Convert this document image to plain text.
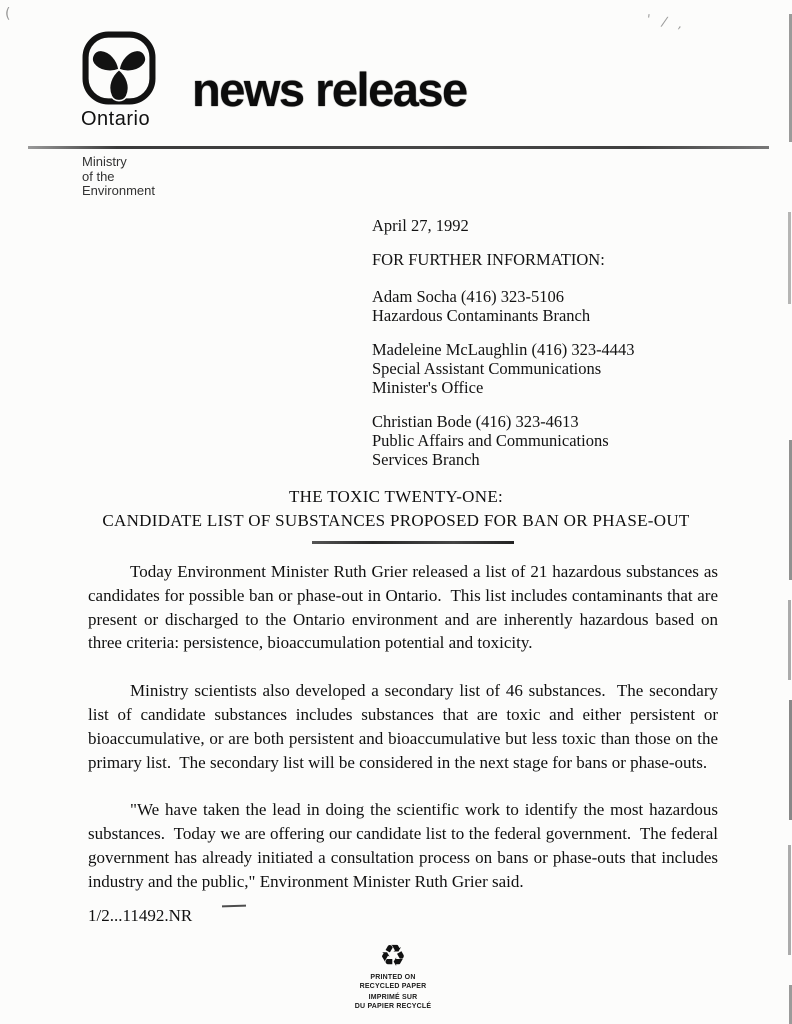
(	' / ,
Ontario
news release
Ministry
of the
Environment
April 27, 1992
FOR FURTHER INFORMATION:
Adam Socha (416) 323-5106
Hazardous Contaminants Branch
Madeleine McLaughlin (416) 323-4443
Special Assistant Communications
Minister's Office
Christian Bode (416) 323-4613
Public Affairs and Communications
Services Branch
THE TOXIC TWENTY-ONE:
CANDIDATE LIST OF SUBSTANCES PROPOSED FOR BAN OR PHASE-OUT

Today Environment Minister Ruth Grier released a list of 21 hazardous substances as candidates for possible ban or phase-out in Ontario.  This list includes contaminants that are present or discharged to the Ontario environment and are inherently hazardous based on three criteria: persistence, bioaccumulation potential and toxicity.

Ministry scientists also developed a secondary list of 46 substances.  The secondary list of candidate substances includes substances that are toxic and either persistent or bioaccumulative, or are both persistent and bioaccumulative but less toxic than those on the primary list.  The secondary list will be considered in the next stage for bans or phase-outs.

"We have taken the lead in doing the scientific work to identify the most hazardous substances.  Today we are offering our candidate list to the federal government.  The federal government has already initiated a consultation process on bans or phase-outs that includes industry and the public," Environment Minister Ruth Grier said.

1/2...11492.NR
♻
PRINTED ON
RECYCLED PAPER
IMPRIMÉ SUR
DU PAPIER RECYCLÉ
